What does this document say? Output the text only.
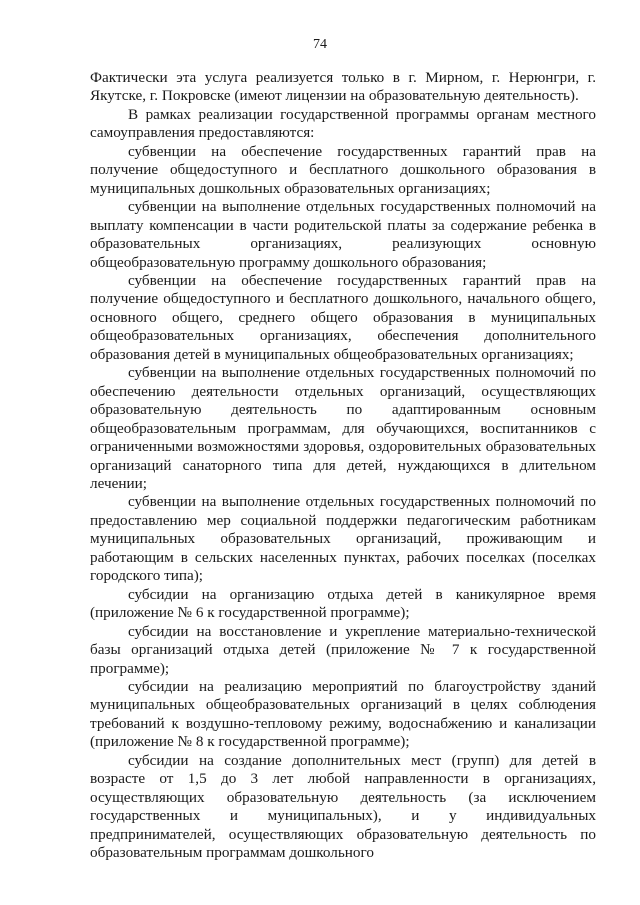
74

Фактически эта услуга реализуется только в г. Мирном, г. Нерюнгри, г. Якутске, г. Покровске (имеют лицензии на образовательную деятельность).

В рамках реализации государственной программы органам местного самоуправления предоставляются:

субвенции на обеспечение государственных гарантий прав на получение общедоступного и бесплатного дошкольного образования в муниципальных дошкольных образовательных организациях;

субвенции на выполнение отдельных государственных полномочий на выплату компенсации в части родительской платы за содержание ребенка в образовательных организациях, реализующих основную общеобразовательную программу дошкольного образования;

субвенции на обеспечение государственных гарантий прав на получение общедоступного и бесплатного дошкольного, начального общего, основного общего, среднего общего образования в муниципальных общеобразовательных организациях, обеспечения дополнительного образования детей в муниципальных общеобразовательных организациях;

субвенции на выполнение отдельных государственных полномочий по обеспечению деятельности отдельных организаций, осуществляющих образовательную деятельность по адаптированным основным общеобразовательным программам, для обучающихся, воспитанников с ограниченными возможностями здоровья, оздоровительных образовательных организаций санаторного типа для детей, нуждающихся в длительном лечении;

субвенции на выполнение отдельных государственных полномочий по предоставлению мер социальной поддержки педагогическим работникам муниципальных образовательных организаций, проживающим и работающим в сельских населенных пунктах, рабочих поселках (поселках городского типа);

субсидии на организацию отдыха детей в каникулярное время (приложение № 6 к государственной программе);

субсидии на восстановление и укрепление материально-технической базы организаций отдыха детей (приложение № 7 к государственной программе);

субсидии на реализацию мероприятий по благоустройству зданий муниципальных общеобразовательных организаций в целях соблюдения требований к воздушно-тепловому режиму, водоснабжению и канализации (приложение № 8 к государственной программе);

субсидии на создание дополнительных мест (групп) для детей в возрасте от 1,5 до 3 лет любой направленности в организациях, осуществляющих образовательную деятельность (за исключением государственных и муниципальных), и у индивидуальных предпринимателей, осуществляющих образовательную деятельность по образовательным программам дошкольного
